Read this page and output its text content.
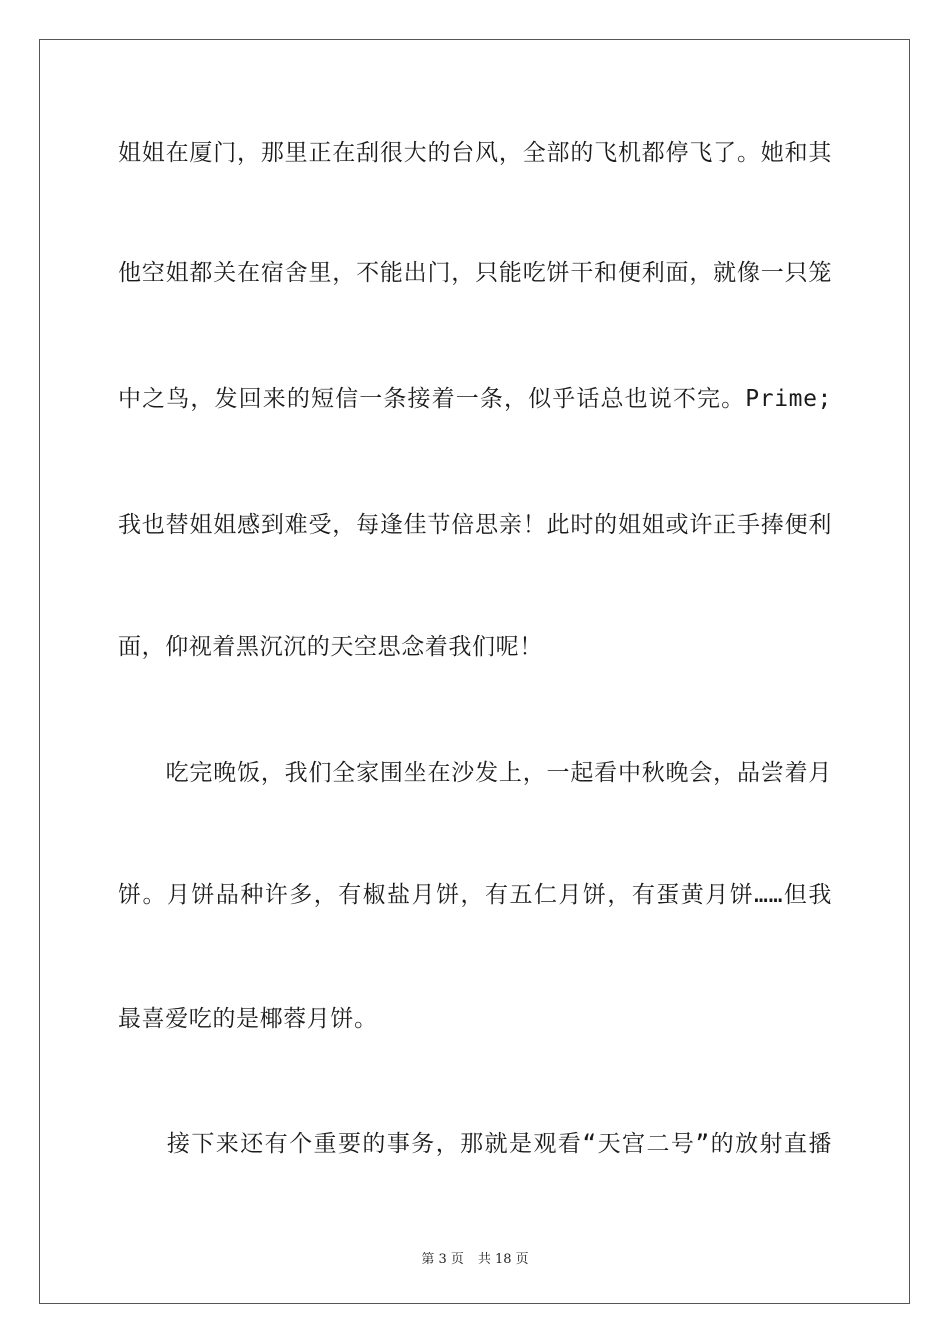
姐姐在厦门，那里正在刮很大的台风，全部的飞机都停飞了。她和其
他空姐都关在宿舍里，不能出门，只能吃饼干和便利面，就像一只笼
中之鸟，发回来的短信一条接着一条，似乎话总也说不完。Prime;
我也替姐姐感到难受，每逢佳节倍思亲！此时的姐姐或许正手捧便利
面，仰视着黑沉沉的天空思念着我们呢！
　　吃完晚饭，我们全家围坐在沙发上，一起看中秋晚会，品尝着月
饼。月饼品种许多，有椒盐月饼，有五仁月饼，有蛋黄月饼……但我
最喜爱吃的是椰蓉月饼。
　　接下来还有个重要的事务，那就是观看“天宫二号”的放射直播
第 3 页 共 18 页
